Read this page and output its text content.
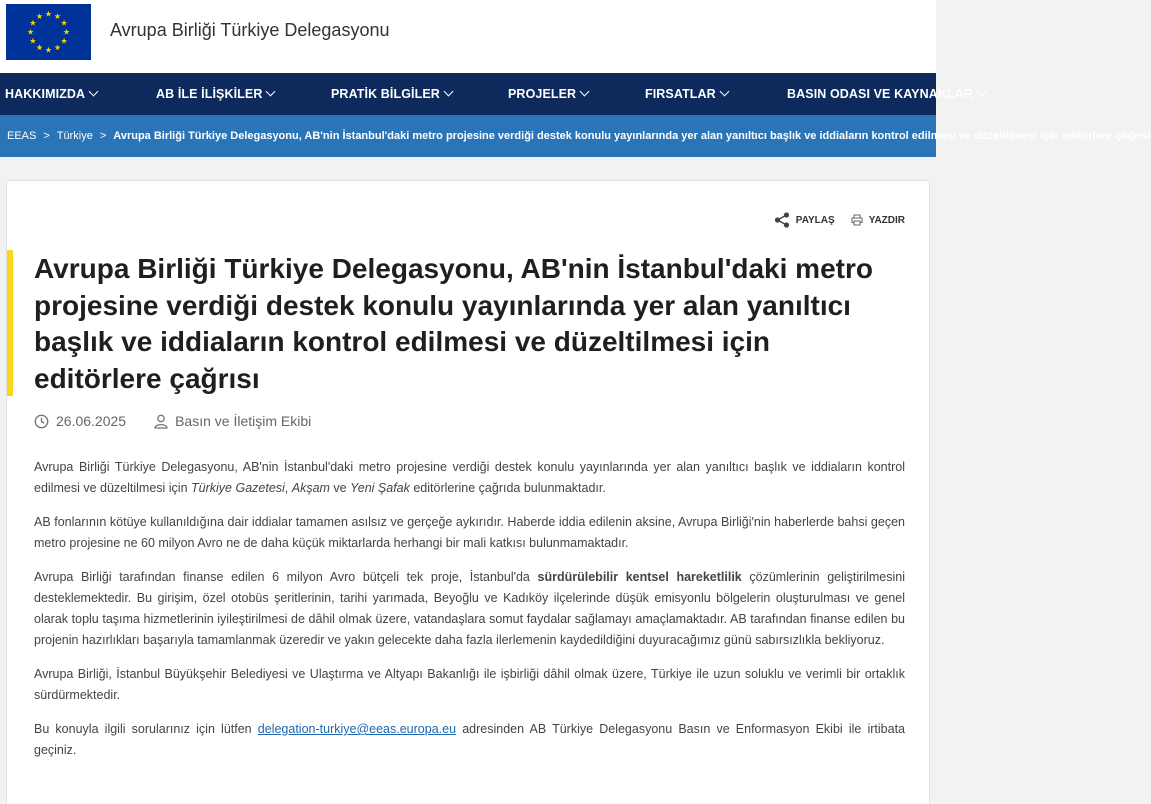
Avrupa Birliği Türkiye Delegasyonu
HAKKIMIZDA	AB İLE İLİŞKİLER	PRATİK BİLGİLER	PROJELER	FIRSATLAR	BASIN ODASI VE KAYNAKLAR
EEAS > Türkiye > Avrupa Birliği Türkiye Delegasyonu, AB'nin İstanbul'daki metro projesine verdiği destek konulu yayınlarında yer alan yanıltıcı başlık ve iddiaların kontrol edilmesi ve düzeltilmesi için editörlere çağrısı
PAYLAŞ	YAZDIR
Avrupa Birliği Türkiye Delegasyonu, AB'nin İstanbul'daki metro projesine verdiği destek konulu yayınlarında yer alan yanıltıcı başlık ve iddiaların kontrol edilmesi ve düzeltilmesi için editörlere çağrısı
26.06.2025	Basın ve İletişim Ekibi

Avrupa Birliği Türkiye Delegasyonu, AB'nin İstanbul'daki metro projesine verdiği destek konulu yayınlarında yer alan yanıltıcı başlık ve iddiaların kontrol edilmesi ve düzeltilmesi için Türkiye Gazetesi, Akşam ve Yeni Şafak editörlerine çağrıda bulunmaktadır.

AB fonlarının kötüye kullanıldığına dair iddialar tamamen asılsız ve gerçeğe aykırıdır. Haberde iddia edilenin aksine, Avrupa Birliği'nin haberlerde bahsi geçen metro projesine ne 60 milyon Avro ne de daha küçük miktarlarda herhangi bir mali katkısı bulunmamaktadır.

Avrupa Birliği tarafından finanse edilen 6 milyon Avro bütçeli tek proje, İstanbul'da sürdürülebilir kentsel hareketlilik çözümlerinin geliştirilmesini desteklemektedir. Bu girişim, özel otobüs şeritlerinin, tarihi yarımada, Beyoğlu ve Kadıköy ilçelerinde düşük emisyonlu bölgelerin oluşturulması ve genel olarak toplu taşıma hizmetlerinin iyileştirilmesi de dâhil olmak üzere, vatandaşlara somut faydalar sağlamayı amaçlamaktadır. AB tarafından finanse edilen bu projenin hazırlıkları başarıyla tamamlanmak üzeredir ve yakın gelecekte daha fazla ilerlemenin kaydedildiğini duyuracağımız günü sabırsızlıkla bekliyoruz.

Avrupa Birliği, İstanbul Büyükşehir Belediyesi ve Ulaştırma ve Altyapı Bakanlığı ile işbirliği dâhil olmak üzere, Türkiye ile uzun soluklu ve verimli bir ortaklık sürdürmektedir.

Bu konuyla ilgili sorularınız için lütfen delegation-turkiye@eeas.europa.eu adresinden AB Türkiye Delegasyonu Basın ve Enformasyon Ekibi ile irtibata geçiniz.
